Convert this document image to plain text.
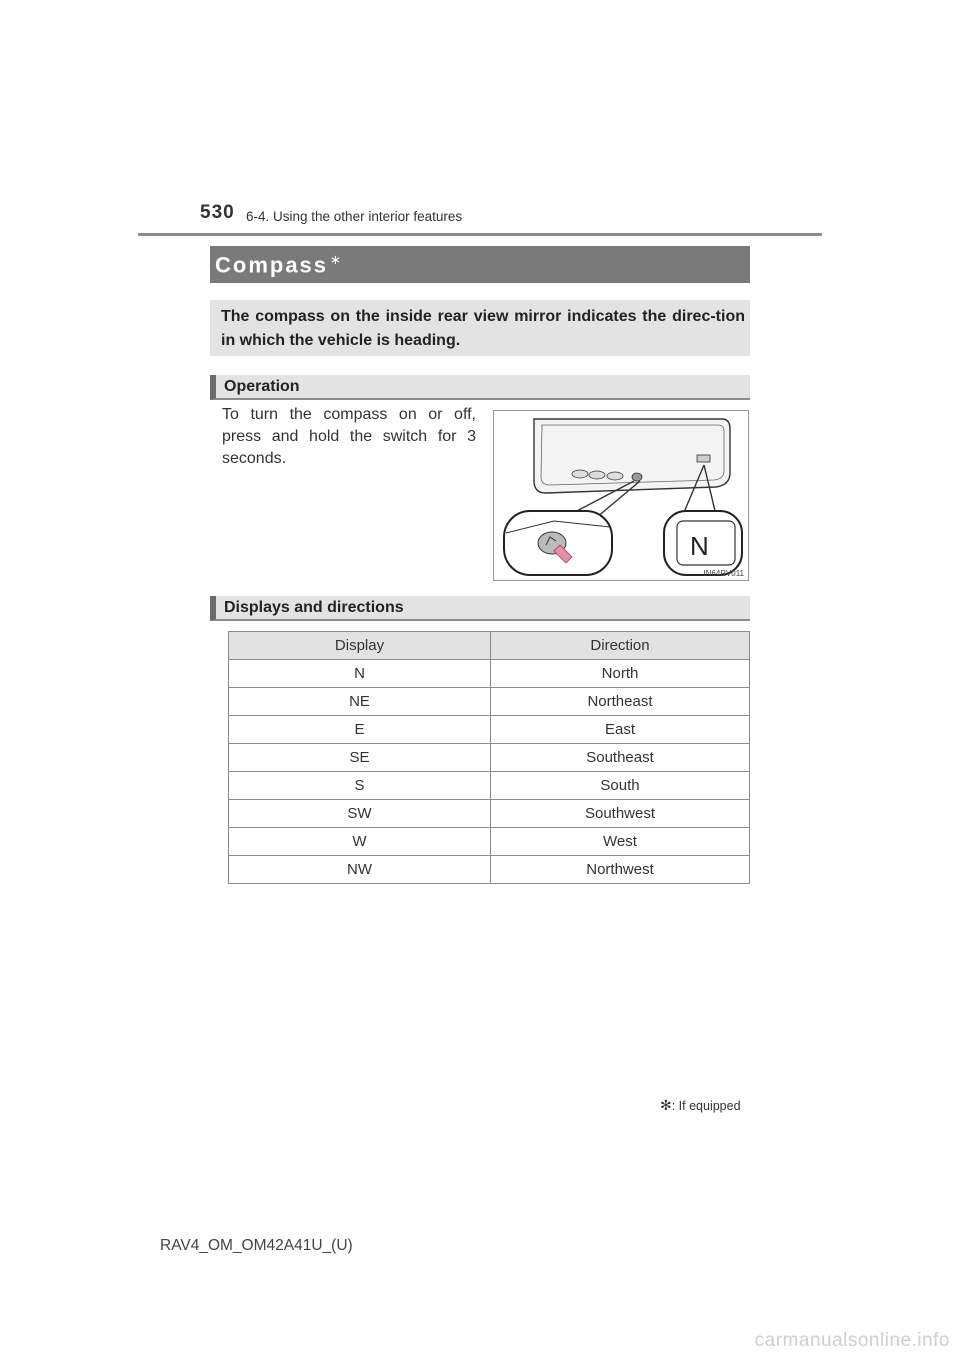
530 6-4. Using the other interior features
Compass ∗
The compass on the inside rear view mirror indicates the direc-tion in which the vehicle is heading.
Operation
To turn the compass on or off, press and hold the switch for 3 seconds.
N
IN64RV011
Displays and directions
Display	Direction
N	North
NE	Northeast
E	East
SE	Southeast
S	South
SW	Southwest
W	West
NW	Northwest
✻: If equipped
RAV4_OM_OM42A41U_(U)
carmanualsonline.info
